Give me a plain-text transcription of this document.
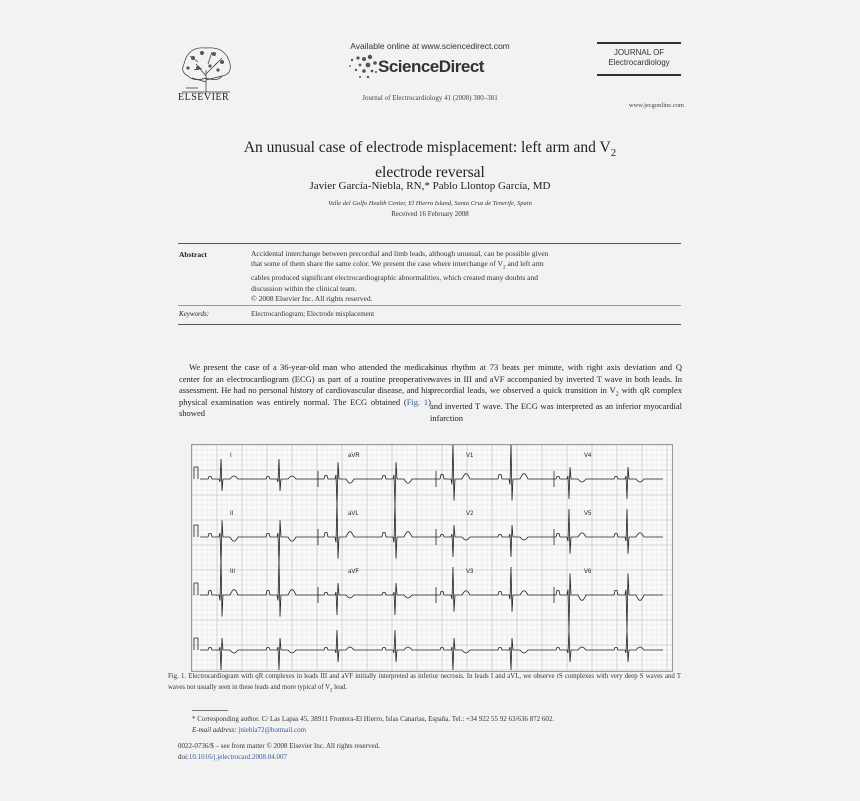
ELSEVIER
Available online at www.sciencedirect.com
ScienceDirect
Journal of Electrocardiology 41 (2008) 380–381
JOURNAL OF
Electrocardiology
www.jecgonline.com
An unusual case of electrode misplacement: left arm and $V_2$
electrode reversal
Javier García-Niebla, RN,* Pablo Llontop García, MD
Valle del Golfo Health Center, El Hierro Island, Santa Cruz de Tenerife, Spain
Received 16 February 2008
Abstract	Accidental interchange between precordial and limb leads, although unusual, can be possible given
that some of them share the same color. We present the case where interchange of $V_2$ and left arm
cables produced significant electrocardiographic abnormalities, which created many doubts and
discussion within the clinical team.
© 2008 Elsevier Inc. All rights reserved.
Keywords:	Electrocardiogram; Electrode misplacement
We present the case of a 36-year-old man who attended the medical center for an electrocardiogram (ECG) as part of a routine preoperative assessment. He had no personal history of cardiovascular disease, and his physical examination was entirely normal. The ECG obtained (Fig. 1) showed
sinus rhythm at 73 beats per minute, with right axis deviation and Q waves in III and aVF accompanied by inverted T wave in both leads. In precordial leads, we observed a quick transition in $V_2$ with qR complex and inverted T wave. The ECG was interpreted as an inferior myocardial infarction
I	aVR	V1	V4
II	aVL	V2	V5
III	aVF	V3	V6
Fig. 1. Electrocardiogram with qR complexes in leads III and aVF initially interpreted as inferior necrosis. In leads I and aVL, we observe rS complexes with very deep S waves and T waves not usually seen in these leads and more typical of $V_2$ lead.
* Corresponding author. C/ Las Lapas 45, 38911 Frontera-El Hierro, Islas Canarias, España. Tel.: +34 922 55 92 63/636 872 602.
E-mail address: jniebla72@hotmail.com
0022-0736/$ – see front matter © 2008 Elsevier Inc. All rights reserved.
doi:10.1016/j.jelectrocard.2008.04.007
